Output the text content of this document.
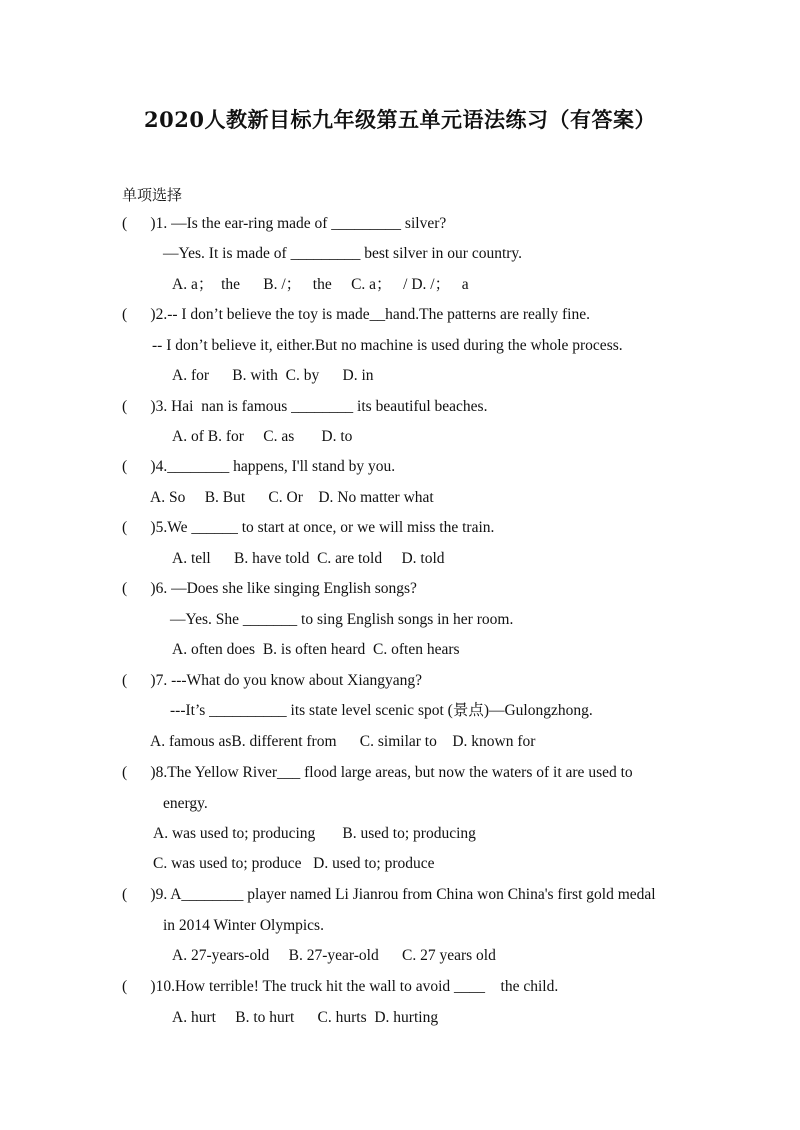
2020人教新目标九年级第五单元语法练习（有答案）
单项选择
(      )1. —Is the ear-ring made of _________ silver?
—Yes. It is made of _________ best silver in our country.
A. a；  the      B. /；   the     C. a；   / D. /；   a
(      )2.-- I don’t believe the toy is made__hand.The patterns are really fine.
-- I don’t believe it, either.But no machine is used during the whole process.
A. for      B. with  C. by      D. in
(      )3. Hai  nan is famous ________ its beautiful beaches.
A. of B. for     C. as       D. to
(      )4.________ happens, I'll stand by you.
A. So     B. But      C. Or    D. No matter what
(      )5.We ______ to start at once, or we will miss the train.
A. tell      B. have told  C. are told     D. told
(      )6. —Does she like singing English songs?
—Yes. She _______ to sing English songs in her room.
A. often does  B. is often heard  C. often hears
(      )7. ---What do you know about Xiangyang?
---It’s __________ its state level scenic spot (景点)—Gulongzhong.
A. famous asB. different from      C. similar to    D. known for
(      )8.The Yellow River___ flood large areas, but now the waters of it are used to
energy.
A. was used to; producing       B. used to; producing
C. was used to; produce   D. used to; produce
(      )9. A________ player named Li Jianrou from China won China's first gold medal
in 2014 Winter Olympics.
A. 27-years-old     B. 27-year-old      C. 27 years old
(      )10.How terrible! The truck hit the wall to avoid ____    the child.
A. hurt     B. to hurt      C. hurts  D. hurting
